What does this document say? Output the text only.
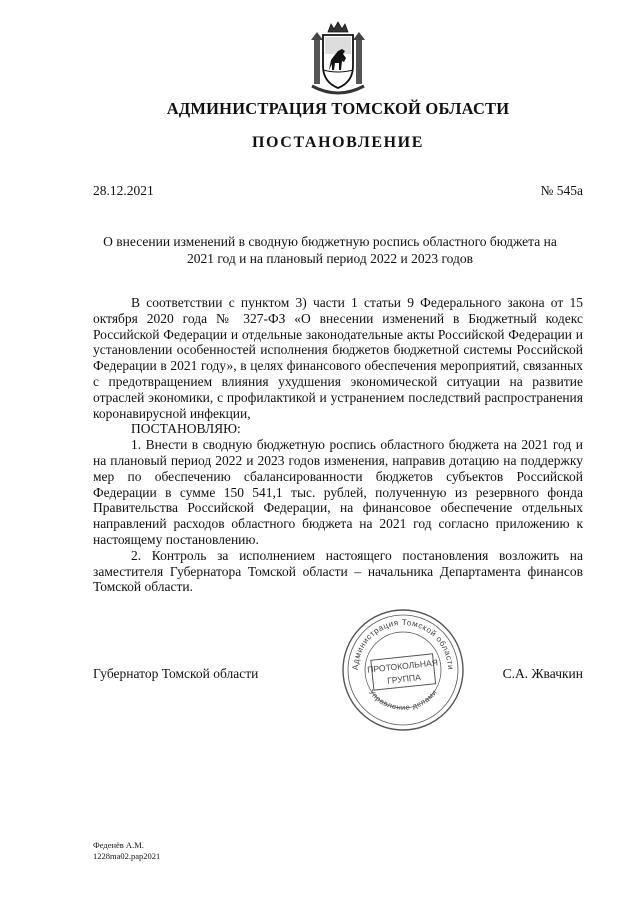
АДМИНИСТРАЦИЯ ТОМСКОЙ ОБЛАСТИ
ПОСТАНОВЛЕНИЕ
28.12.2021	№ 545а
О внесении изменений в сводную бюджетную роспись областного бюджета на 2021 год и на плановый период 2022 и 2023 годов

В соответствии с пунктом 3) части 1 статьи 9 Федерального закона от 15 октября 2020 года № 327-ФЗ «О внесении изменений в Бюджетный кодекс Российской Федерации и отдельные законодательные акты Российской Федерации и установлении особенностей исполнения бюджетов бюджетной системы Российской Федерации в 2021 году», в целях финансового обеспечения мероприятий, связанных с предотвращением влияния ухудшения экономической ситуации на развитие отраслей экономики, с профилактикой и устранением последствий распространения коронавирусной инфекции,

ПОСТАНОВЛЯЮ:

1. Внести в сводную бюджетную роспись областного бюджета на 2021 год и на плановый период 2022 и 2023 годов изменения, направив дотацию на поддержку мер по обеспечению сбалансированности бюджетов субъектов Российской Федерации в сумме 150 541,1 тыс. рублей, полученную из резервного фонда Правительства Российской Федерации, на финансовое обеспечение отдельных направлений расходов областного бюджета на 2021 год согласно приложению к настоящему постановлению.

2. Контроль за исполнением настоящего постановления возложить на заместителя Губернатора Томской области – начальника Департамента финансов Томской области.

Губернатор Томской области	С.А. Жвачкин
Администрация Томской области
Управление делами
ПРОТОКОЛЬНАЯ
ГРУППА
Феденёв А.М.
1228ma02.pap2021
